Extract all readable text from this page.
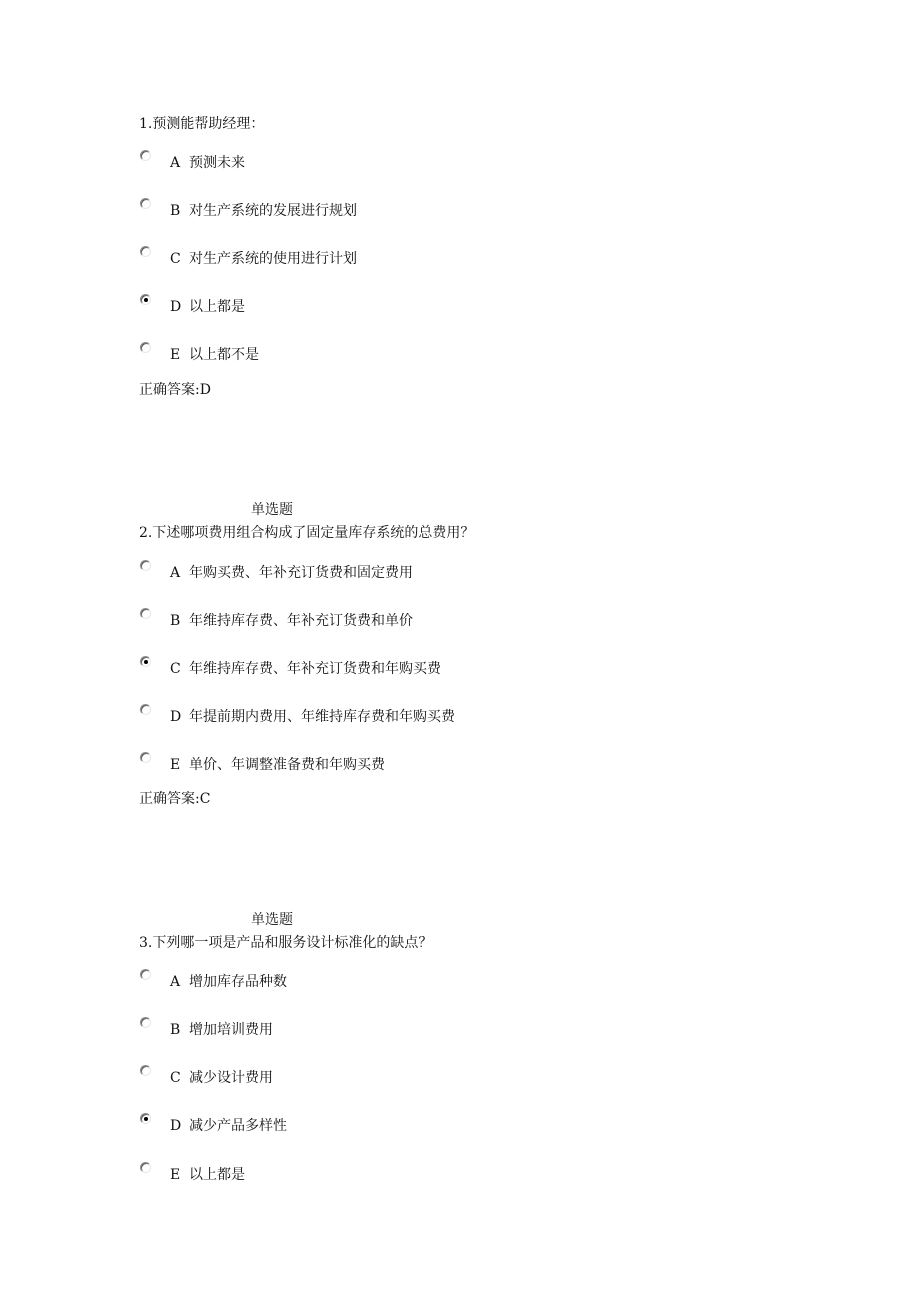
1.预测能帮助经理：
A 预测未来
B 对生产系统的发展进行规划
C 对生产系统的使用进行计划
D 以上都是
E 以上都不是
正确答案:D
单选题
2.下述哪项费用组合构成了固定量库存系统的总费用？
A 年购买费、年补充订货费和固定费用
B 年维持库存费、年补充订货费和单价
C 年维持库存费、年补充订货费和年购买费
D 年提前期内费用、年维持库存费和年购买费
E 单价、年调整准备费和年购买费
正确答案:C
单选题
3.下列哪一项是产品和服务设计标准化的缺点？
A 增加库存品种数
B 增加培训费用
C 减少设计费用
D 减少产品多样性
E 以上都是
